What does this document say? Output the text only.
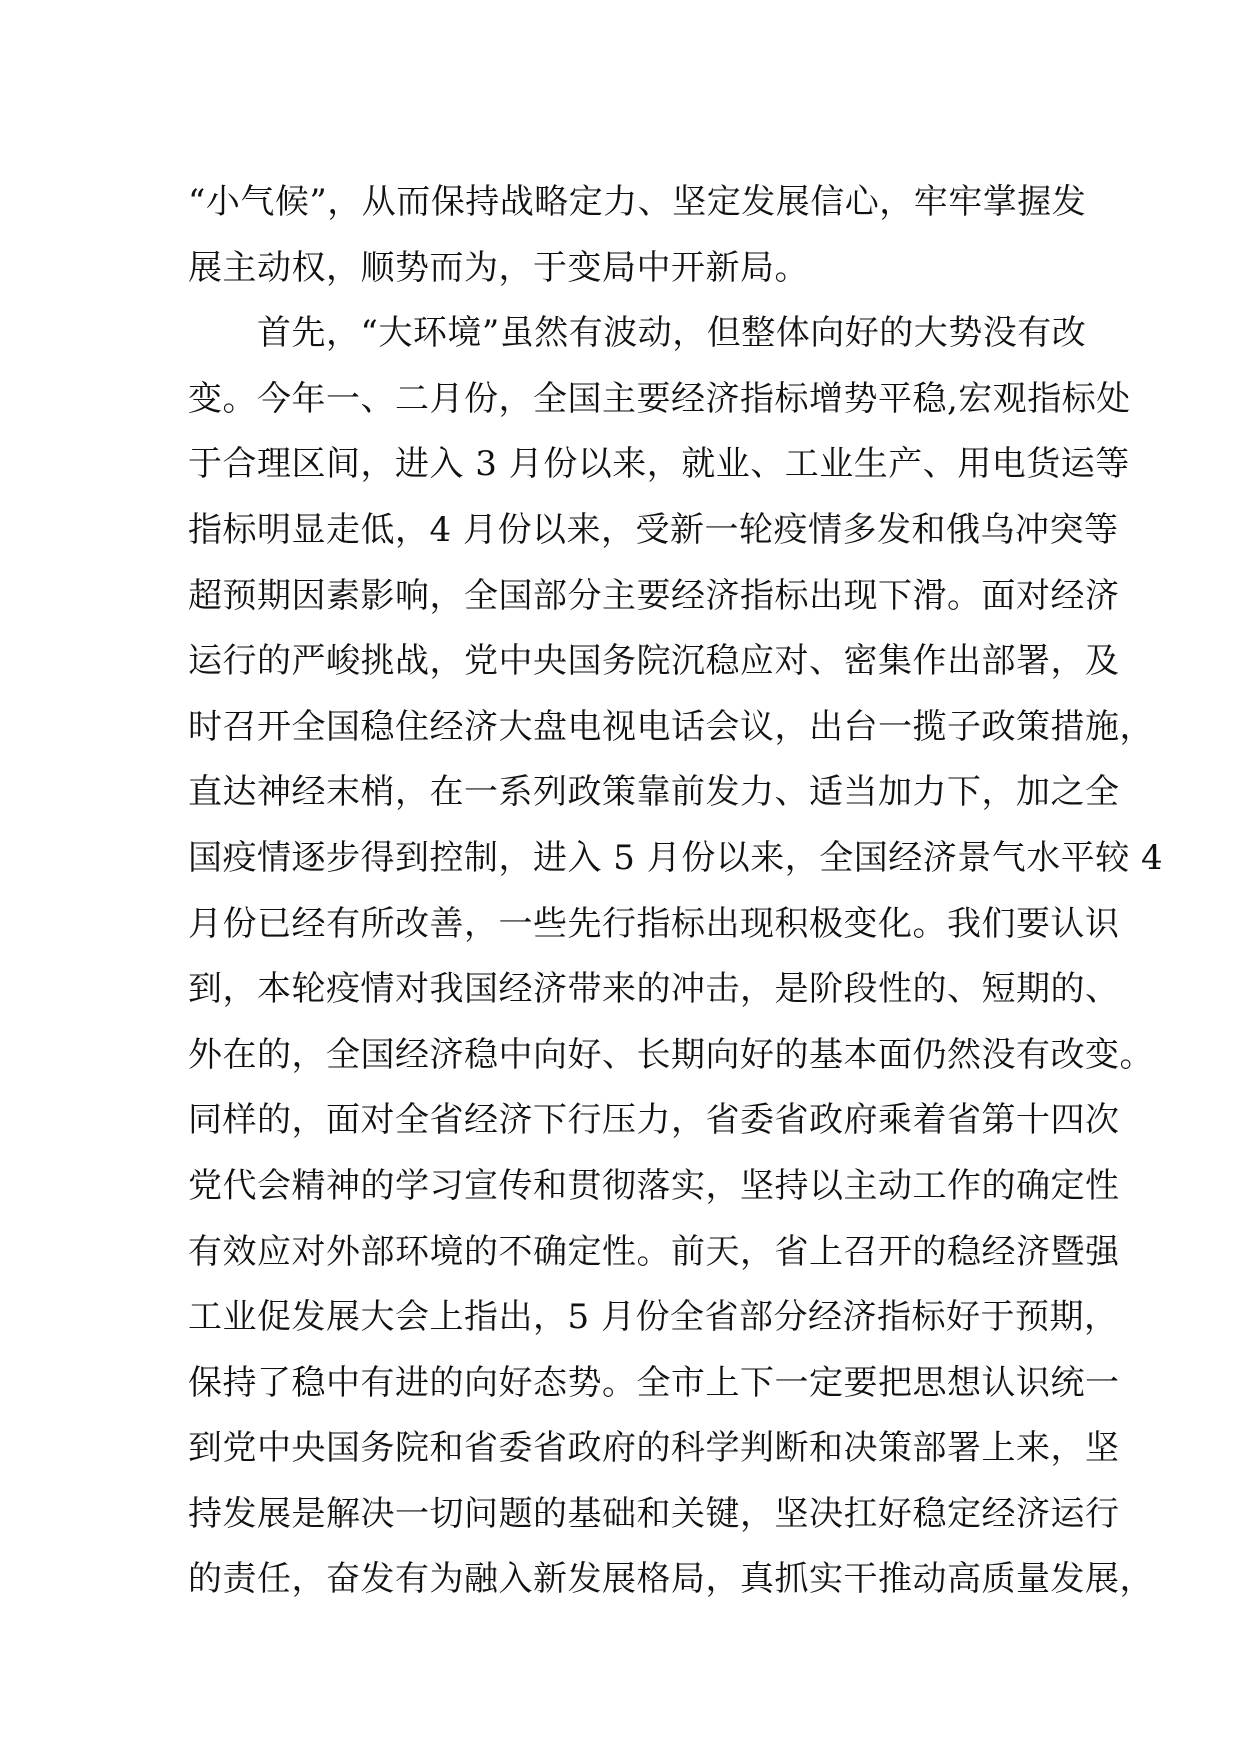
“小气候”，从而保持战略定力、坚定发展信心，牢牢掌握发
展主动权，顺势而为，于变局中开新局。
　　首先，“大环境”虽然有波动，但整体向好的大势没有改
变。今年一、二月份，全国主要经济指标增势平稳,宏观指标处
于合理区间，进入 3 月份以来，就业、工业生产、用电货运等
指标明显走低，4 月份以来，受新一轮疫情多发和俄乌冲突等
超预期因素影响，全国部分主要经济指标出现下滑。面对经济
运行的严峻挑战，党中央国务院沉稳应对、密集作出部署，及
时召开全国稳住经济大盘电视电话会议，出台一揽子政策措施，
直达神经末梢，在一系列政策靠前发力、适当加力下，加之全
国疫情逐步得到控制，进入 5 月份以来，全国经济景气水平较 4
月份已经有所改善，一些先行指标出现积极变化。我们要认识
到，本轮疫情对我国经济带来的冲击，是阶段性的、短期的、
外在的，全国经济稳中向好、长期向好的基本面仍然没有改变。
同样的，面对全省经济下行压力，省委省政府乘着省第十四次
党代会精神的学习宣传和贯彻落实，坚持以主动工作的确定性
有效应对外部环境的不确定性。前天，省上召开的稳经济暨强
工业促发展大会上指出，5 月份全省部分经济指标好于预期，
保持了稳中有进的向好态势。全市上下一定要把思想认识统一
到党中央国务院和省委省政府的科学判断和决策部署上来，坚
持发展是解决一切问题的基础和关键，坚决扛好稳定经济运行
的责任，奋发有为融入新发展格局，真抓实干推动高质量发展，
